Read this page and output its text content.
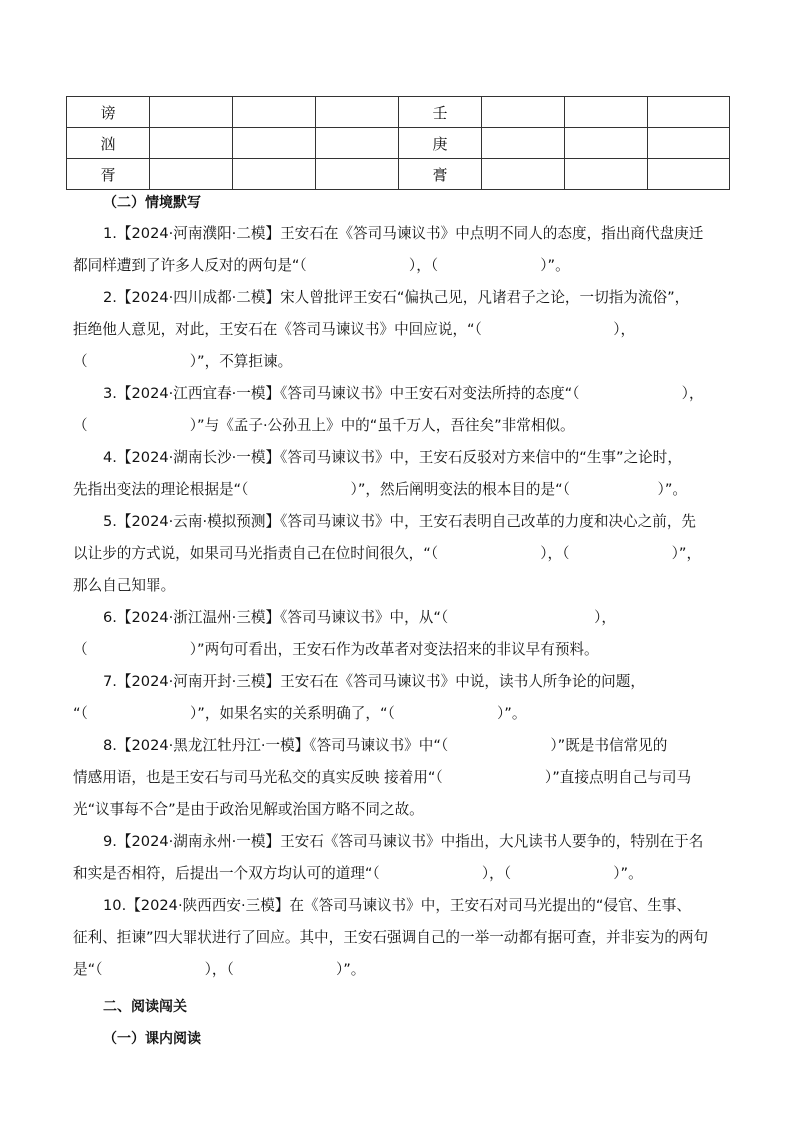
谤				壬			
汹				庚			
胥				膏			
（二）情境默写
1.【2024·河南濮阳·二模】王安石在《答司马谏议书》中点明不同人的态度，指出商代盘庚迁
都同样遭到了许多人反对的两句是“（　　　　　　　），（　　　　　　　）”。
2.【2024·四川成都·二模】宋人曾批评王安石“偏执己见，凡诸君子之论，一切指为流俗”，
拒绝他人意见，对此，王安石在《答司马谏议书》中回应说，“（　　　　　　　　　），
（　　　　　　　）”，不算拒谏。
3.【2024·江西宜春·一模】《答司马谏议书》中王安石对变法所持的态度“（　　　　　　　），
（　　　　　　　）”与《孟子·公孙丑上》中的“虽千万人，吾往矣”非常相似。
4.【2024·湖南长沙·一模】《答司马谏议书》中，王安石反驳对方来信中的“生事”之论时，
先指出变法的理论根据是“（　　　　　　　）”，然后阐明变法的根本目的是“（　　　　　　）”。
5.【2024·云南·模拟预测】《答司马谏议书》中，王安石表明自己改革的力度和决心之前，先
以让步的方式说，如果司马光指责自己在位时间很久，“（　　　　　　　），（　　　　　　　）”，
那么自己知罪。
6.【2024·浙江温州·三模】《答司马谏议书》中，从“（　　　　　　　　　　），
（　　　　　　　）”两句可看出，王安石作为改革者对变法招来的非议早有预料。
7.【2024·河南开封·三模】王安石在《答司马谏议书》中说，读书人所争论的问题，
“（　　　　　　　）”，如果名实的关系明确了，“（　　　　　　　）”。
8.【2024·黑龙江牡丹江·一模】《答司马谏议书》中“（　　　　　　　）”既是书信常见的
情感用语，也是王安石与司马光私交的真实反映 接着用“（　　　　　　　）”直接点明自己与司马
光“议事每不合”是由于政治见解或治国方略不同之故。
9.【2024·湖南永州·一模】王安石《答司马谏议书》中指出，大凡读书人要争的，特别在于名
和实是否相符，后提出一个双方均认可的道理“（　　　　　　　），（　　　　　　　）”。
10.【2024·陕西西安·三模】在《答司马谏议书》中，王安石对司马光提出的“侵官、生事、
征利、拒谏”四大罪状进行了回应。其中，王安石强调自己的一举一动都有据可查，并非妄为的两句
是“（　　　　　　　），（　　　　　　　）”。
二、阅读闯关
（一）课内阅读
